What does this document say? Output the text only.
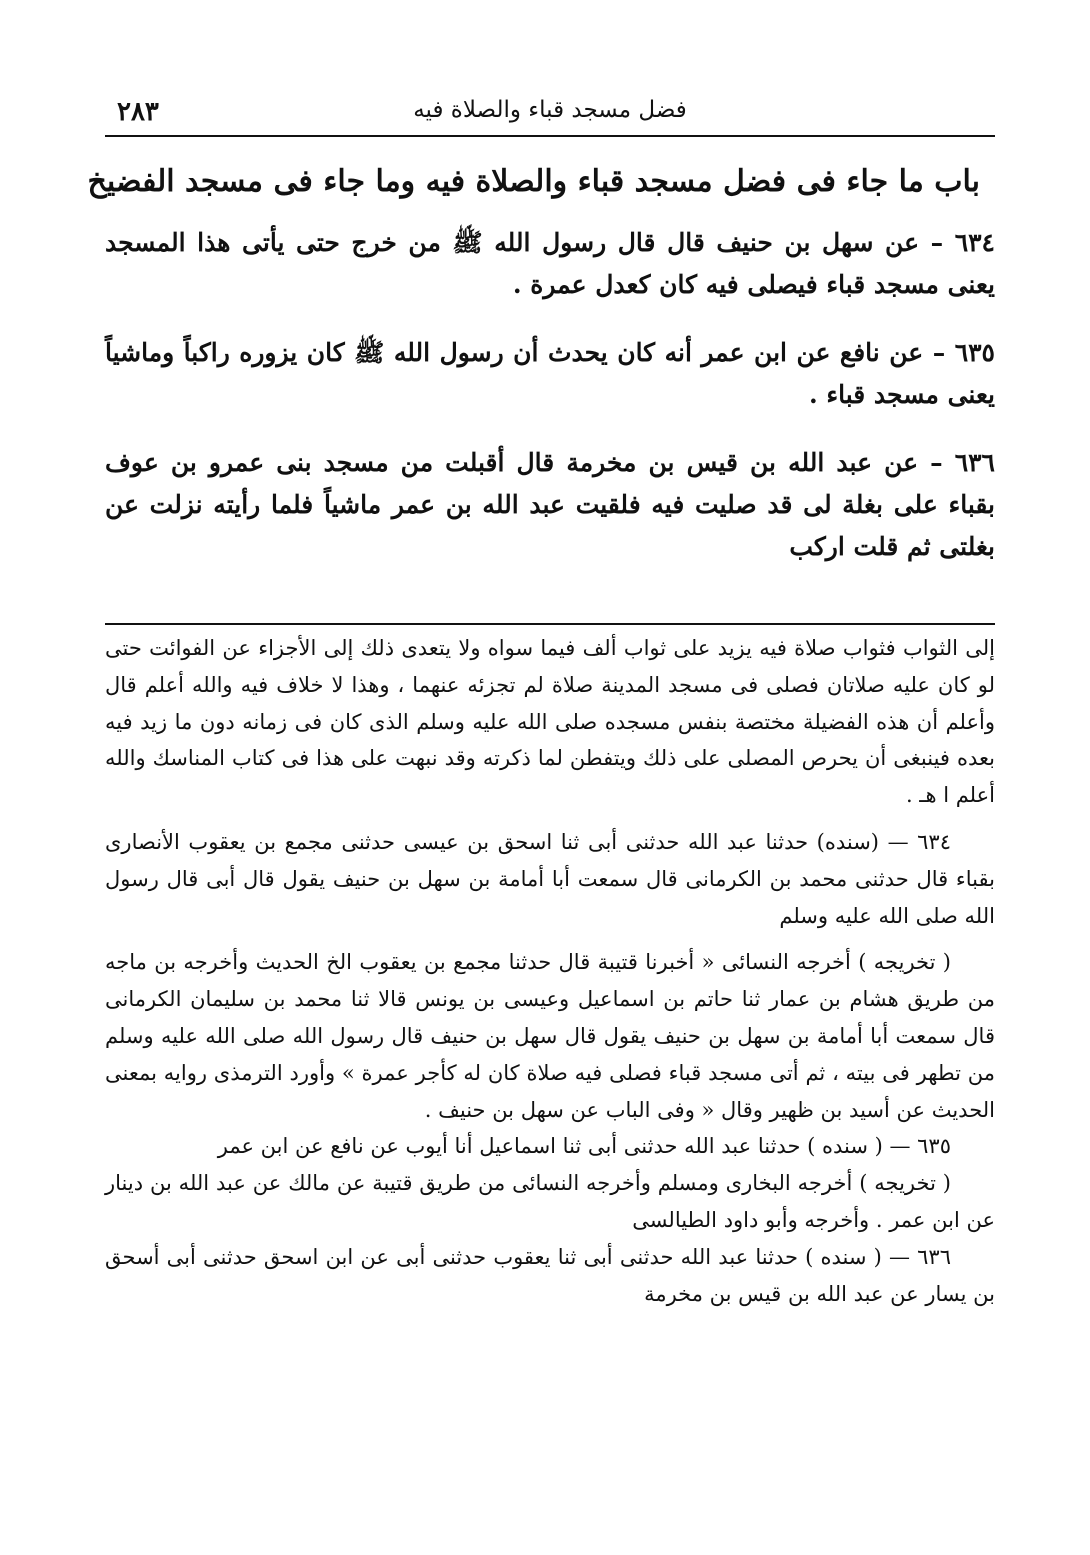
٢٨٣	فضل مسجد قباء والصلاة فيه
باب ما جاء فى فضل مسجد قباء والصلاة فيه وما جاء فى مسجد الفضيخ

٦٣٤ – عن سهل بن حنيف قال قال رسول الله ﷺ من خرج حتى يأتى هذا المسجد يعنى مسجد قباء فيصلى فيه كان كعدل عمرة .

٦٣٥ – عن نافع عن ابن عمر أنه كان يحدث أن رسول الله ﷺ كان يزوره راكباً وماشياً يعنى مسجد قباء .

٦٣٦ – عن عبد الله بن قيس بن مخرمة قال أقبلت من مسجد بنى عمرو بن عوف بقباء على بغلة لى قد صليت فيه فلقيت عبد الله بن عمر ماشياً فلما رأيته نزلت عن بغلتى ثم قلت اركب

إلى الثواب فثواب صلاة فيه يزيد على ثواب ألف فيما سواه ولا يتعدى ذلك إلى الأجزاء عن الفوائت حتى لو كان عليه صلاتان فصلى فى مسجد المدينة صلاة لم تجزئه عنهما ، وهذا لا خلاف فيه والله أعلم قال وأعلم أن هذه الفضيلة مختصة بنفس مسجده صلى الله عليه وسلم الذى كان فى زمانه دون ما زيد فيه بعده فينبغى أن يحرص المصلى على ذلك ويتفطن لما ذكرته وقد نبهت على هذا فى كتاب المناسك والله أعلم ا هـ .

٦٣٤ — (سنده) حدثنا عبد الله حدثنى أبى ثنا اسحق بن عيسى حدثنى مجمع بن يعقوب الأنصارى بقباء قال حدثنى محمد بن الكرمانى قال سمعت أبا أمامة بن سهل بن حنيف يقول قال أبى قال رسول الله صلى الله عليه وسلم

( تخريجه ) أخرجه النسائى « أخبرنا قتيبة قال حدثنا مجمع بن يعقوب الخ الحديث وأخرجه بن ماجه من طريق هشام بن عمار ثنا حاتم بن اسماعيل وعيسى بن يونس قالا ثنا محمد بن سليمان الكرمانى قال سمعت أبا أمامة بن سهل بن حنيف يقول قال سهل بن حنيف قال رسول الله صلى الله عليه وسلم من تطهر فى بيته ، ثم أتى مسجد قباء فصلى فيه صلاة كان له كأجر عمرة » وأورد الترمذى روايه بمعنى الحديث عن أسيد بن ظهير وقال « وفى الباب عن سهل بن حنيف .

٦٣٥ — ( سنده ) حدثنا عبد الله حدثنى أبى ثنا اسماعيل أنا أيوب عن نافع عن ابن عمر

( تخريجه ) أخرجه البخارى ومسلم وأخرجه النسائى من طريق قتيبة عن مالك عن عبد الله بن دينار عن ابن عمر . وأخرجه وأبو داود الطيالسى

٦٣٦ — ( سنده ) حدثنا عبد الله حدثنى أبى ثنا يعقوب حدثنى أبى عن ابن اسحق حدثنى أبى أسحق بن يسار عن عبد الله بن قيس بن مخرمة
